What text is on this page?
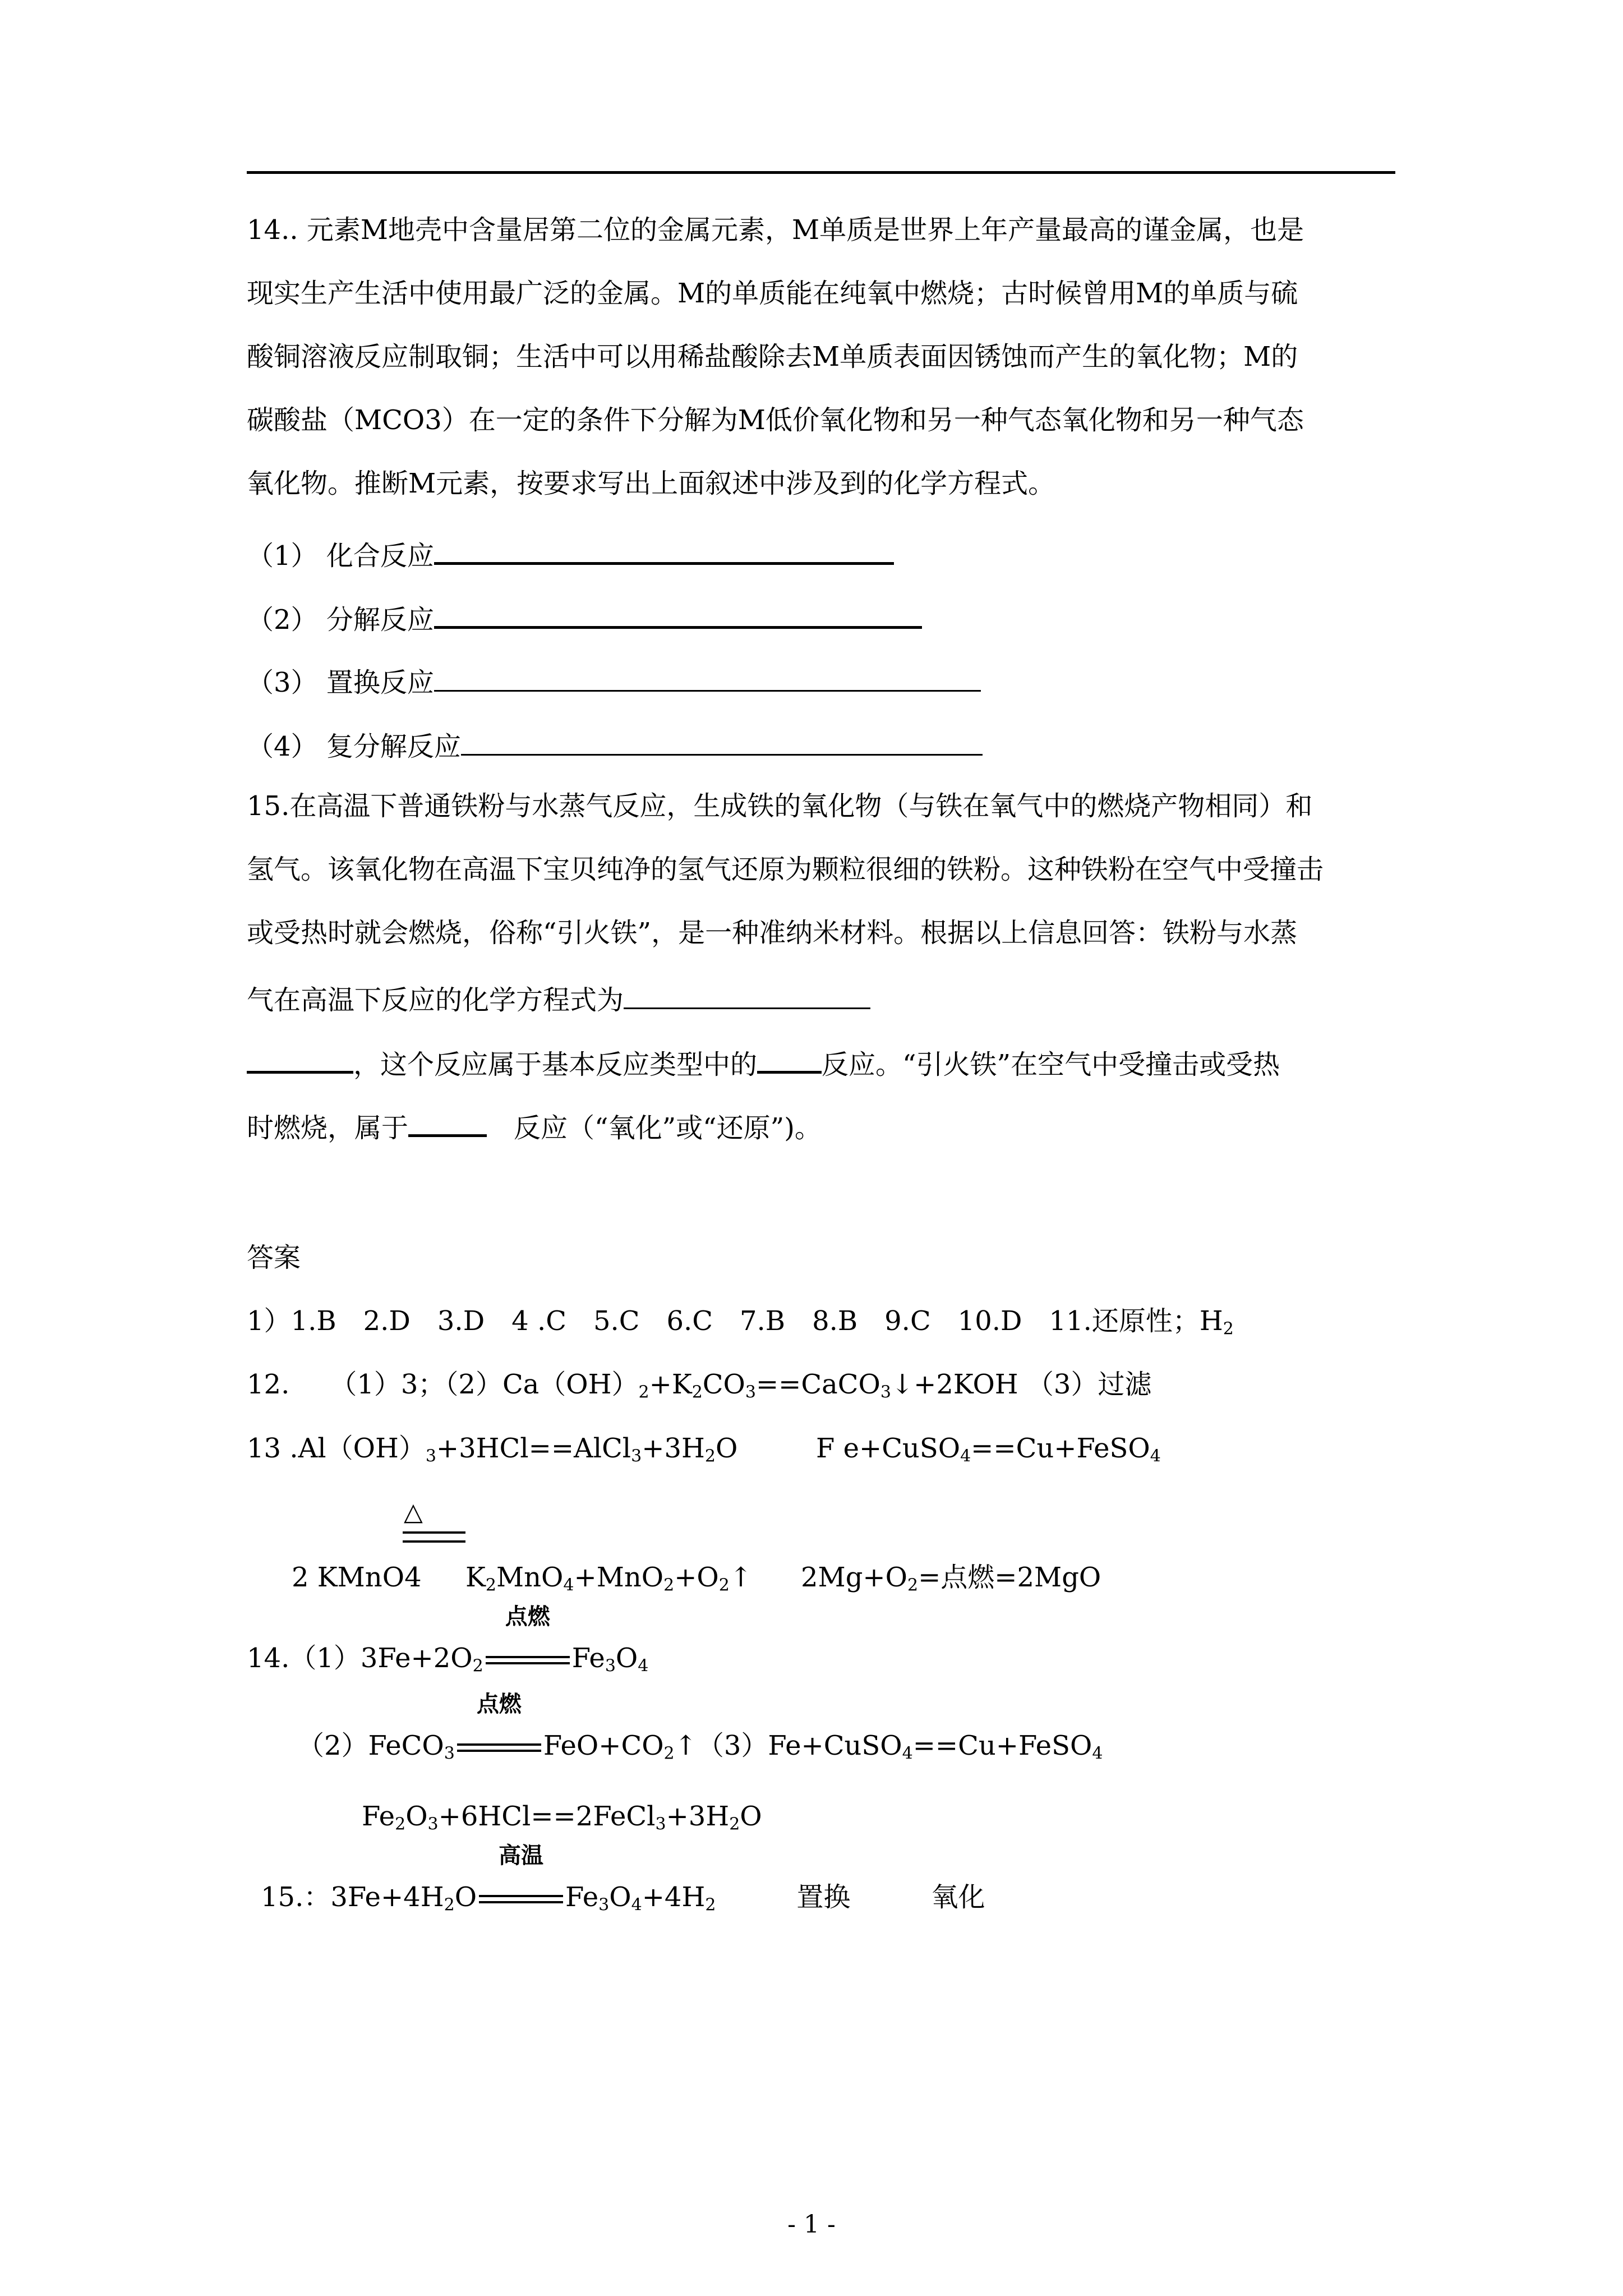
14.. 元素M地壳中含量居第二位的金属元素，M单质是世界上年产量最高的谨金属，也是
现实生产生活中使用最广泛的金属。M的单质能在纯氧中燃烧；古时候曾用M的单质与硫
酸铜溶液反应制取铜；生活中可以用稀盐酸除去M单质表面因锈蚀而产生的氧化物；M的
碳酸盐（MCO3）在一定的条件下分解为M低价氧化物和另一种气态氧化物和另一种气态
氧化物。推断M元素，按要求写出上面叙述中涉及到的化学方程式。
（1） 化合反应
（2） 分解反应
（3） 置换反应
（4） 复分解反应
15.在高温下普通铁粉与水蒸气反应，生成铁的氧化物（与铁在氧气中的燃烧产物相同）和
氢气。该氧化物在高温下宝贝纯净的氢气还原为颗粒很细的铁粉。这种铁粉在空气中受撞击
或受热时就会燃烧，俗称“引火铁”，是一种准纳米材料。根据以上信息回答：铁粉与水蒸
气在高温下反应的化学方程式为
，这个反应属于基本反应类型中的 反应。“引火铁”在空气中受撞击或受热
时燃烧，属于　	反应（“氧化”或“还原”)。
答案
1）1.B　2.D　3.D　4 .C　5.C　6.C　7.B　8.B　9.C　10.D　11.还原性；$H_2$
12.　　（1）3；$(2)Ca(OH)_2+K_2CO_3==CaCO_3↓+2KOH$ （3）过滤
13 $.Al(OH)_3+3HCl==AlCl_3+3H_2O$	F e+CuSO$_4$==Cu+FeSO$_4$
△
2 KMnO4 $K_2MnO_4+MnO_2+O_2↑$ $2Mg+O_2=$点燃=2MgO
$14.(1)3Fe+2O_2$
点燃
$Fe_3O_4$
（2）FeCO$_3$
点燃
$FeO+CO_2↑(3)Fe+CuSO_4==Cu+FeSO_4$
$Fe_2O_3+6HCl==2FeCl_3+3H_2O$
15.：$3Fe+4H_2O$
高温
$Fe_3O_4+4H_2$　　　	置换　　　	氧化
- 1 -
